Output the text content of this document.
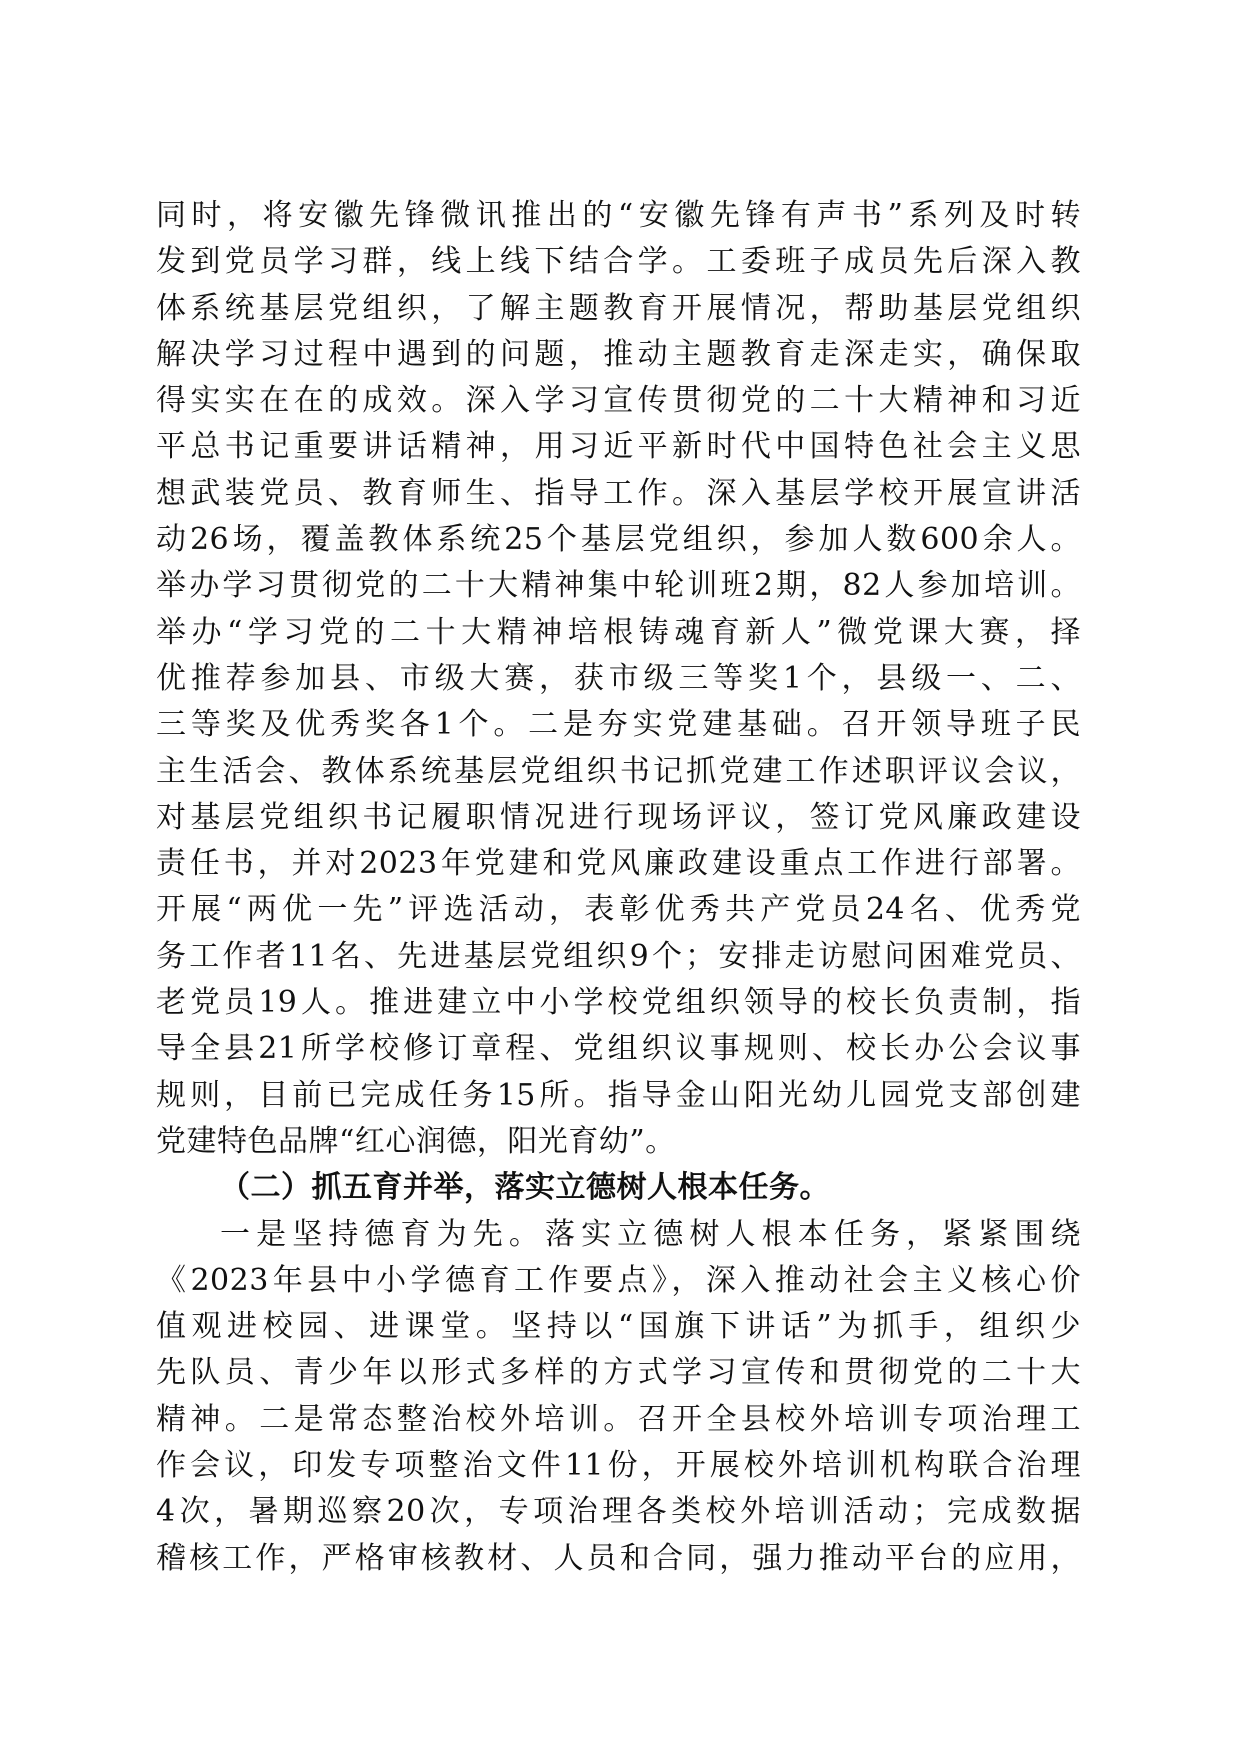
同时，将安徽先锋微讯推出的“安徽先锋有声书”系列及时转
发到党员学习群，线上线下结合学。工委班子成员先后深入教
体系统基层党组织，了解主题教育开展情况，帮助基层党组织
解决学习过程中遇到的问题，推动主题教育走深走实，确保取
得实实在在的成效。深入学习宣传贯彻党的二十大精神和习近
平总书记重要讲话精神，用习近平新时代中国特色社会主义思
想武装党员、教育师生、指导工作。深入基层学校开展宣讲活
动26场，覆盖教体系统25个基层党组织，参加人数600余人。
举办学习贯彻党的二十大精神集中轮训班2期，82人参加培训。
举办“学习党的二十大精神培根铸魂育新人”微党课大赛，择
优推荐参加县、市级大赛，获市级三等奖1个，县级一、二、
三等奖及优秀奖各1个。二是夯实党建基础。召开领导班子民
主生活会、教体系统基层党组织书记抓党建工作述职评议会议，
对基层党组织书记履职情况进行现场评议，签订党风廉政建设
责任书，并对2023年党建和党风廉政建设重点工作进行部署。
开展“两优一先”评选活动，表彰优秀共产党员24名、优秀党
务工作者11名、先进基层党组织9个；安排走访慰问困难党员、
老党员19人。推进建立中小学校党组织领导的校长负责制，指
导全县21所学校修订章程、党组织议事规则、校长办公会议事
规则，目前已完成任务15所。指导金山阳光幼儿园党支部创建
党建特色品牌“红心润德，阳光育幼”。
（二）抓五育并举，落实立德树人根本任务。
一是坚持德育为先。落实立德树人根本任务，紧紧围绕
《2023年县中小学德育工作要点》，深入推动社会主义核心价
值观进校园、进课堂。坚持以“国旗下讲话”为抓手，组织少
先队员、青少年以形式多样的方式学习宣传和贯彻党的二十大
精神。二是常态整治校外培训。召开全县校外培训专项治理工
作会议，印发专项整治文件11份，开展校外培训机构联合治理
4次，暑期巡察20次，专项治理各类校外培训活动；完成数据
稽核工作，严格审核教材、人员和合同，强力推动平台的应用，
